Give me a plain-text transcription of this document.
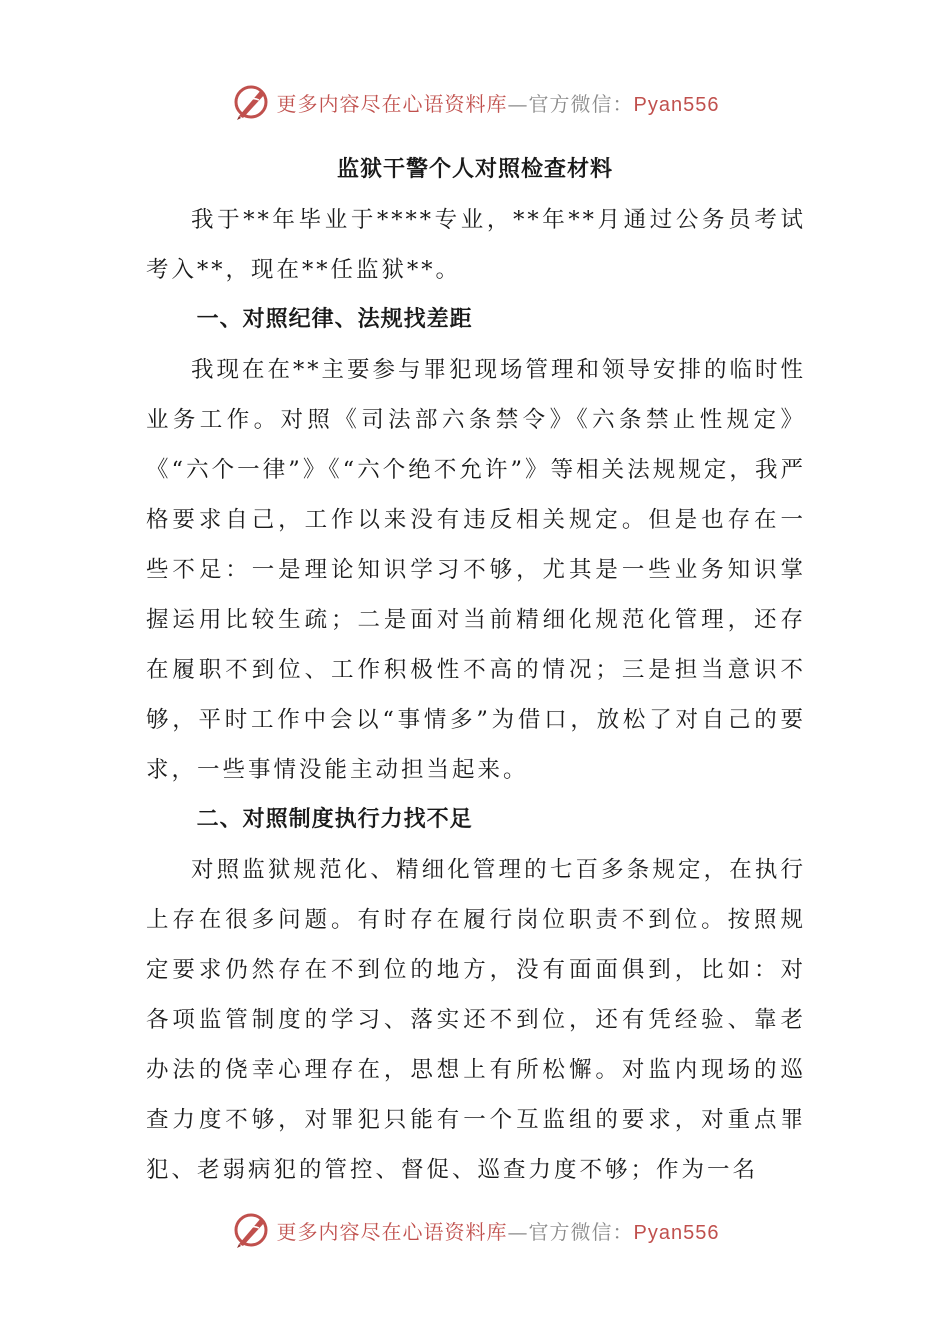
更多内容尽在心语资料库—官方微信：Pyan556
监狱干警个人对照检查材料

我于**年毕业于****专业，**年**月通过公务员考试考入**，现在**任监狱**。

一、对照纪律、法规找差距

我现在在**主要参与罪犯现场管理和领导安排的临时性业务工作。对照《司法部六条禁令》《六条禁止性规定》《“六个一律”》《“六个绝不允许”》等相关法规规定，我严格要求自己，工作以来没有违反相关规定。但是也存在一些不足：一是理论知识学习不够，尤其是一些业务知识掌握运用比较生疏；二是面对当前精细化规范化管理，还存在履职不到位、工作积极性不高的情况；三是担当意识不够，平时工作中会以“事情多”为借口，放松了对自己的要求，一些事情没能主动担当起来。

二、对照制度执行力找不足

对照监狱规范化、精细化管理的七百多条规定，在执行上存在很多问题。有时存在履行岗位职责不到位。按照规定要求仍然存在不到位的地方，没有面面俱到，比如：对各项监管制度的学习、落实还不到位，还有凭经验、靠老办法的侥幸心理存在，思想上有所松懈。对监内现场的巡查力度不够，对罪犯只能有一个互监组的要求，对重点罪犯、老弱病犯的管控、督促、巡查力度不够；作为一名

更多内容尽在心语资料库—官方微信：Pyan556
